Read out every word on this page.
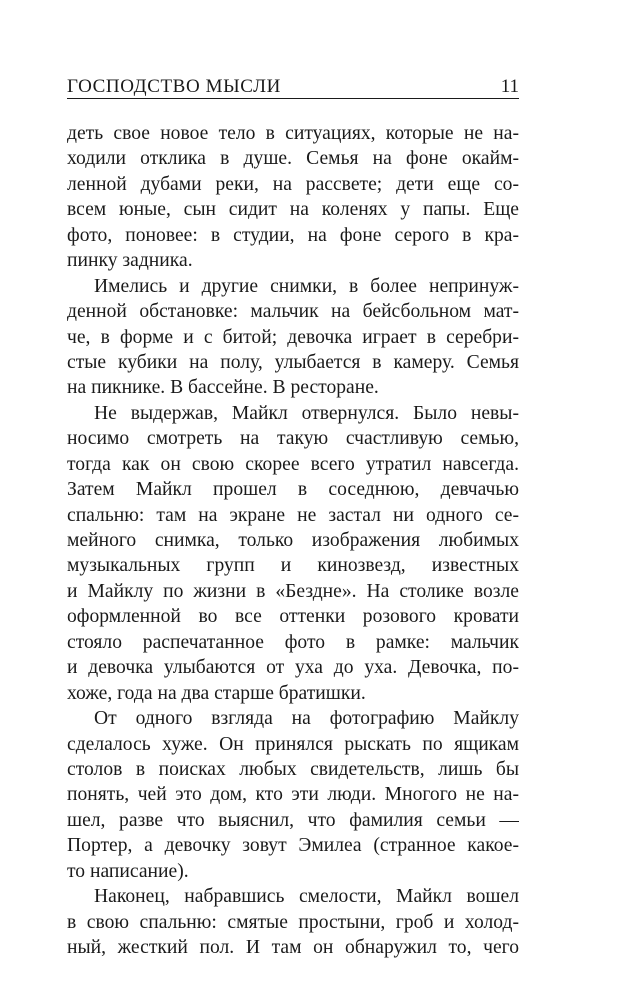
ГОСПОДСТВО МЫСЛИ	11
деть свое новое тело в ситуациях, которые не на-
ходили отклика в душе. Семья на фоне окайм-
ленной дубами реки, на рассвете; дети еще со-
всем юные, сын сидит на коленях у папы. Еще
фото, поновее: в студии, на фоне серого в кра-
пинку задника.
Имелись и другие снимки, в более непринуж-
денной обстановке: мальчик на бейсбольном мат-
че, в форме и с битой; девочка играет в серебри-
стые кубики на полу, улыбается в камеру. Семья
на пикнике. В бассейне. В ресторане.
Не выдержав, Майкл отвернулся. Было невы-
носимо смотреть на такую счастливую семью,
тогда как он свою скорее всего утратил навсегда.
Затем Майкл прошел в соседнюю, девчачью
спальню: там на экране не застал ни одного се-
мейного снимка, только изображения любимых
музыкальных групп и кинозвезд, известных
и Майклу по жизни в «Бездне». На столике возле
оформленной во все оттенки розового кровати
стояло распечатанное фото в рамке: мальчик
и девочка улыбаются от уха до уха. Девочка, по-
хоже, года на два старше братишки.
От одного взгляда на фотографию Майклу
сделалось хуже. Он принялся рыскать по ящикам
столов в поисках любых свидетельств, лишь бы
понять, чей это дом, кто эти люди. Многого не на-
шел, разве что выяснил, что фамилия семьи —
Портер, а девочку зовут Эмилеа (странное какое-
то написание).
Наконец, набравшись смелости, Майкл вошел
в свою спальню: смятые простыни, гроб и холод-
ный, жесткий пол. И там он обнаружил то, чего
